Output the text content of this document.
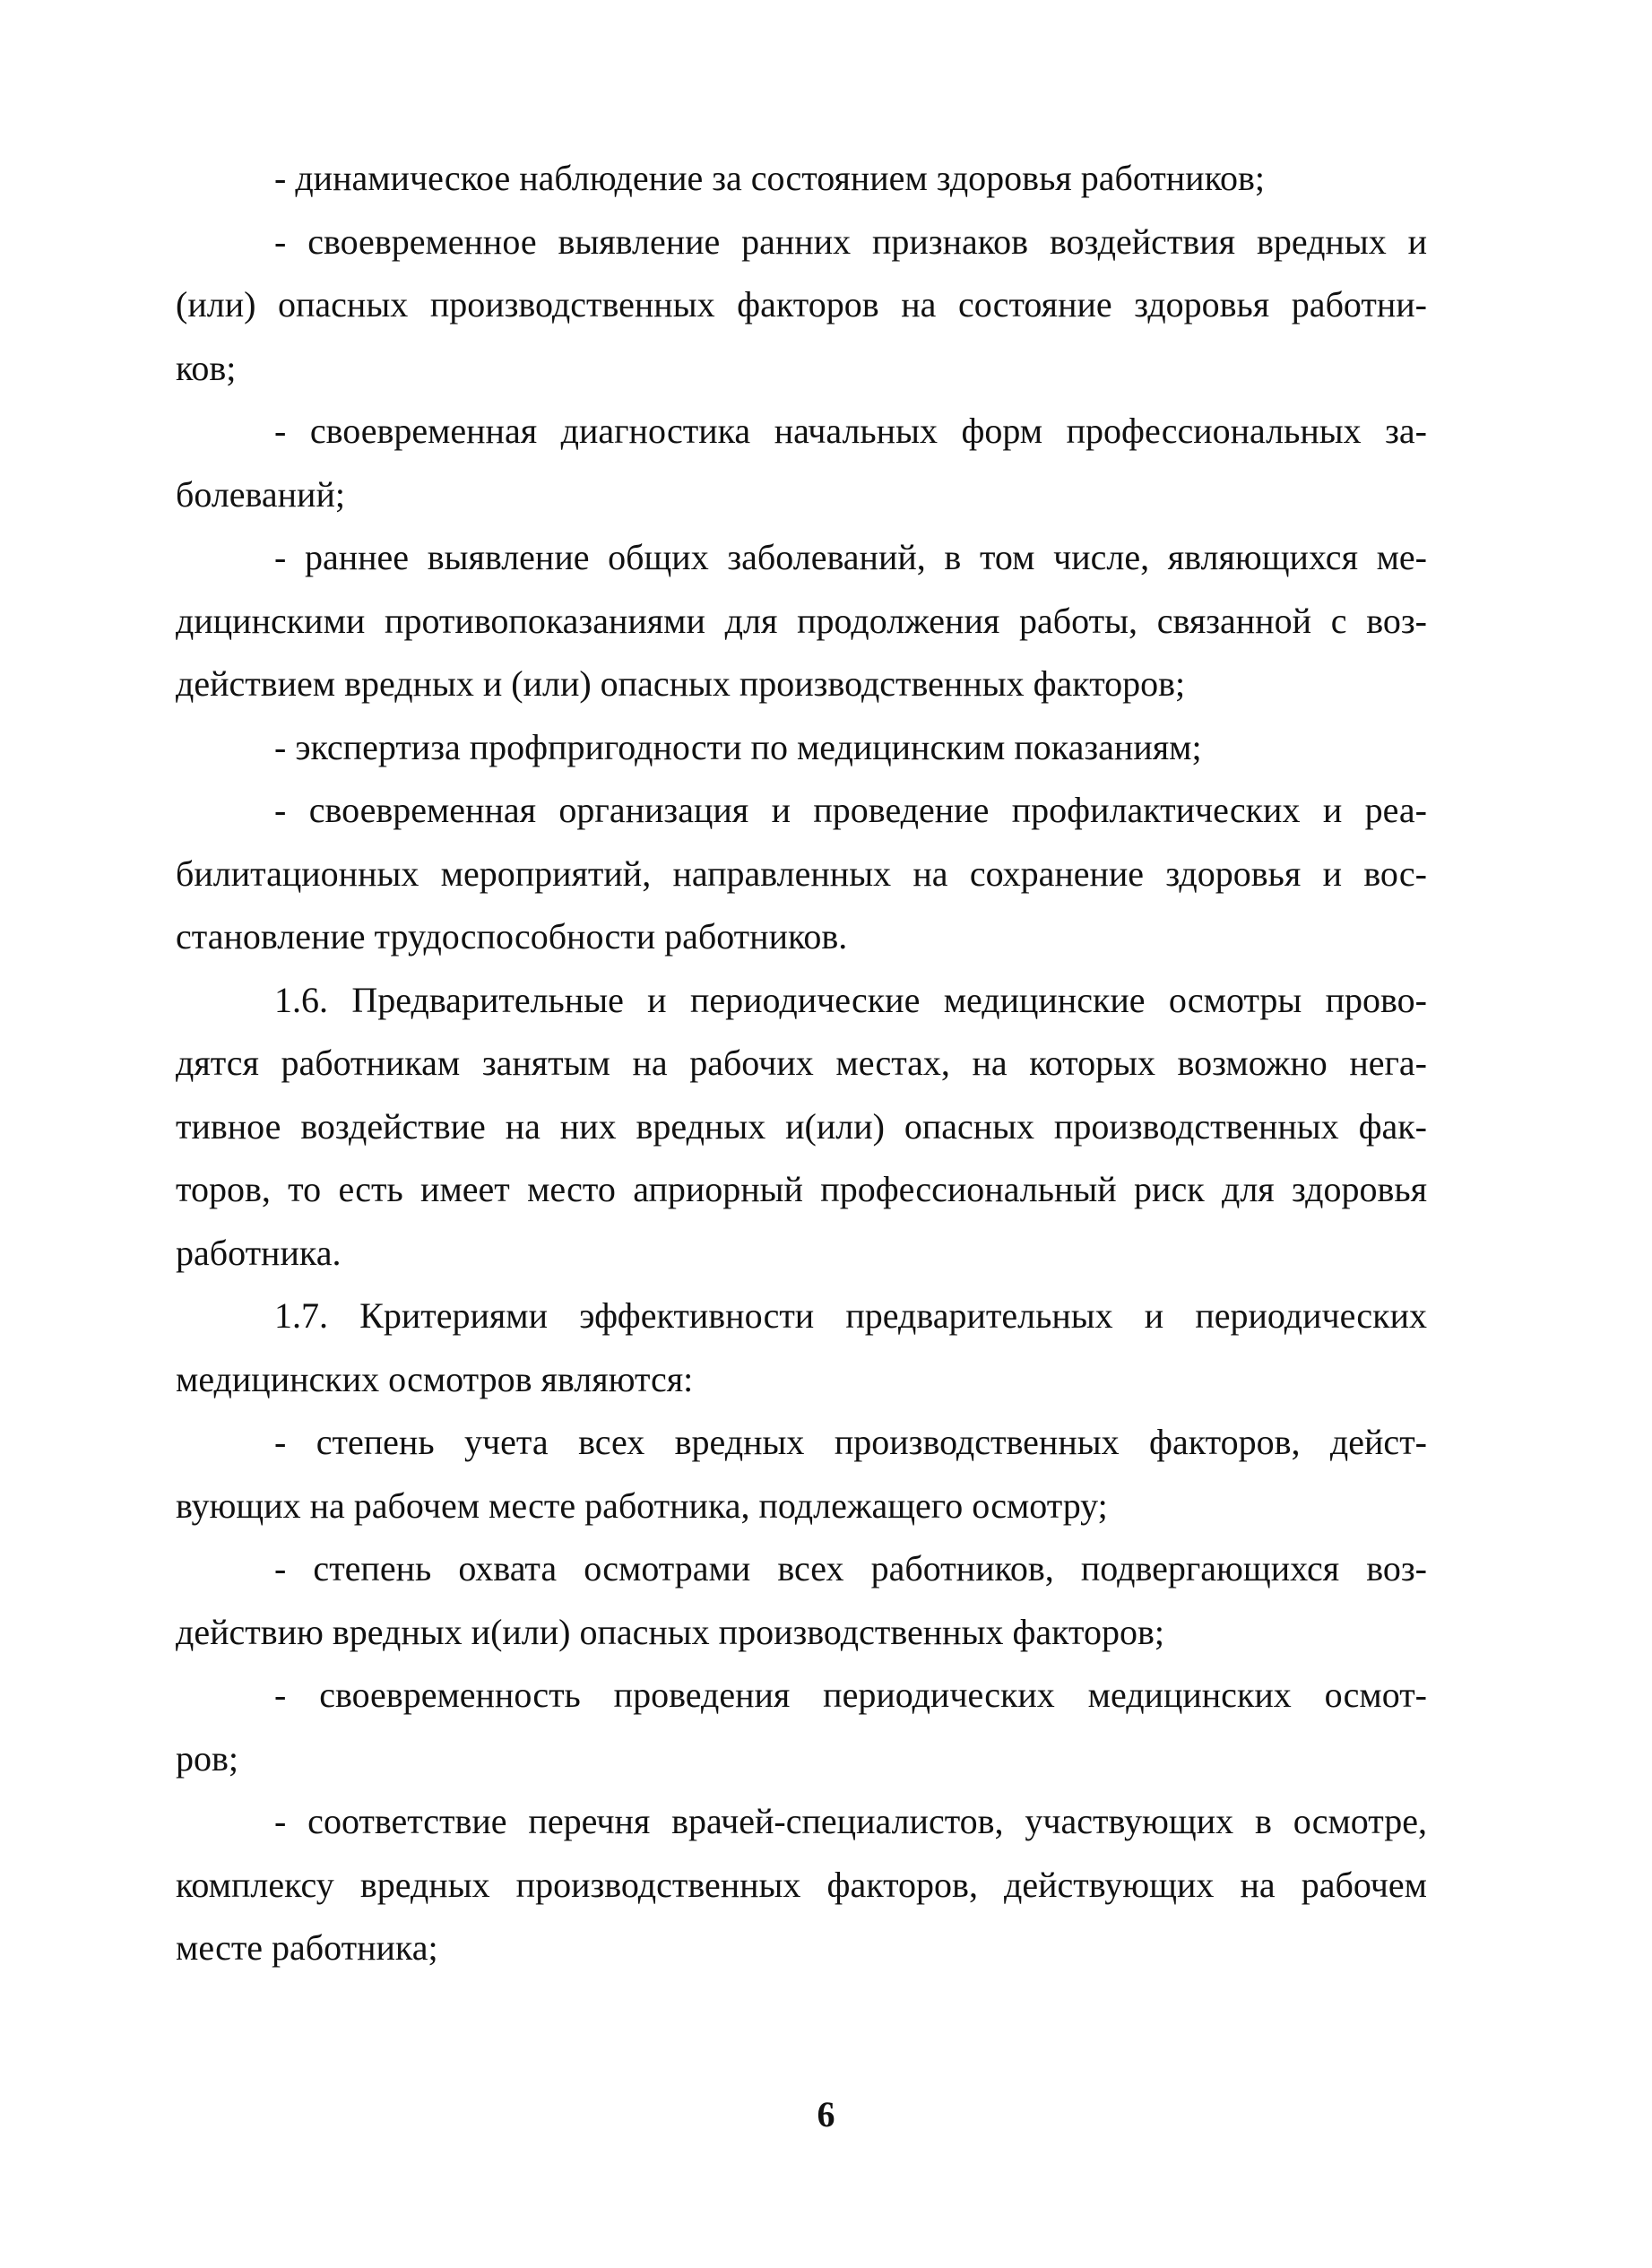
- динамическое наблюдение за состоянием здоровья работников;
- своевременное выявление ранних признаков воздействия вредных и
(или) опасных производственных факторов на состояние здоровья работни-
ков;
- своевременная диагностика начальных форм профессиональных за-
болеваний;
- раннее выявление общих заболеваний, в том числе, являющихся ме-
дицинскими противопоказаниями для продолжения работы, связанной с воз-
действием вредных и (или) опасных производственных факторов;
- экспертиза профпригодности по медицинским показаниям;
- своевременная организация и проведение профилактических и реа-
билитационных мероприятий, направленных на сохранение здоровья и вос-
становление трудоспособности работников.
1.6. Предварительные и периодические медицинские осмотры прово-
дятся работникам занятым на рабочих местах, на которых возможно нега-
тивное воздействие на них вредных и(или) опасных производственных фак-
торов, то есть имеет место априорный профессиональный риск для здоровья
работника.
1.7. Критериями эффективности предварительных и периодических
медицинских осмотров являются:
- степень учета всех вредных производственных факторов, дейст-
вующих на рабочем месте работника, подлежащего осмотру;
- степень охвата осмотрами всех работников, подвергающихся воз-
действию вредных и(или) опасных производственных факторов;
- своевременность проведения периодических медицинских осмот-
ров;
- соответствие перечня врачей-специалистов, участвующих в осмотре,
комплексу вредных производственных факторов, действующих на рабочем
месте работника;
6
